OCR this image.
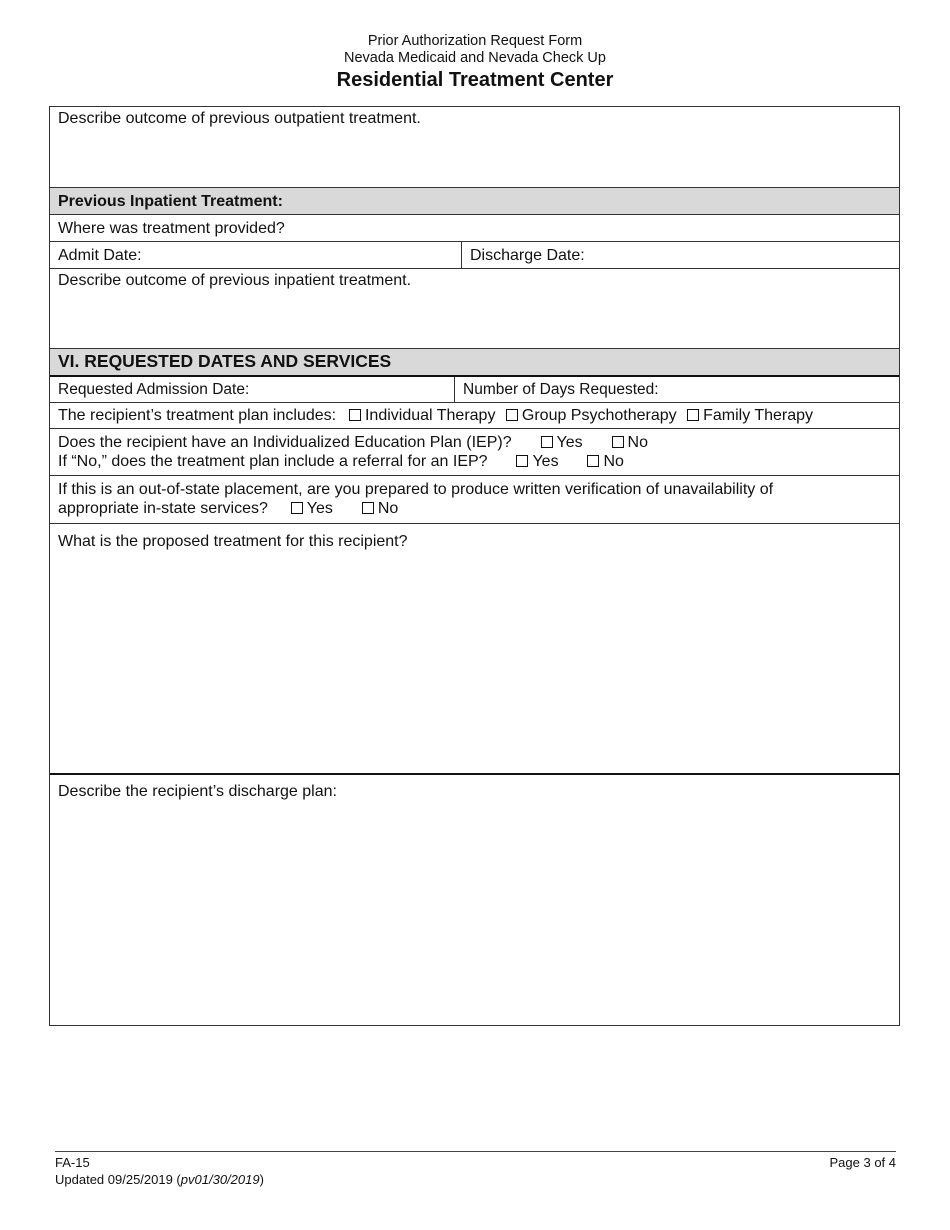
Prior Authorization Request Form
Nevada Medicaid and Nevada Check Up
Residential Treatment Center
Describe outcome of previous outpatient treatment.
Previous Inpatient Treatment:
Where was treatment provided?
Admit Date:	Discharge Date:
Describe outcome of previous inpatient treatment.
VI. REQUESTED DATES AND SERVICES
Requested Admission Date:	Number of Days Requested:
The recipient’s treatment plan includes: Individual Therapy Group Psychotherapy Family Therapy
Does the recipient have an Individualized Education Plan (IEP)?	Yes	No
If “No,” does the treatment plan include a referral for an IEP?	Yes	No
If this is an out-of-state placement, are you prepared to produce written verification of unavailability of
appropriate in-state services? Yes	No
What is the proposed treatment for this recipient?
Describe the recipient’s discharge plan:
FA-15
Updated 09/25/2019 (pv01/30/2019)
Page 3 of 4
